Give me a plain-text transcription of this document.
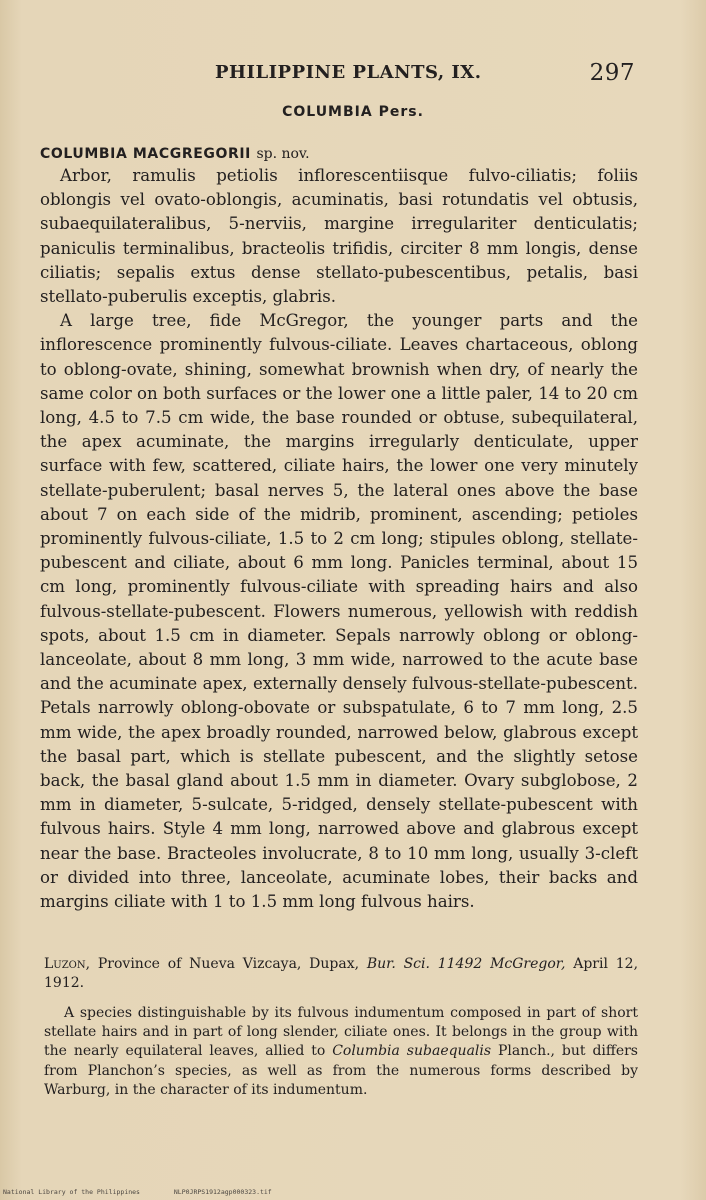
PHILIPPINE PLANTS, IX.	297
COLUMBIA Pers.
COLUMBIA MACGREGORII sp. nov.

Arbor, ramulis petiolis inflorescentiisque fulvo-ciliatis; foliis oblongis vel ovato-oblongis, acuminatis, basi rotundatis vel obtusis, subaequilateralibus, 5-nerviis, margine irregulariter denticulatis; paniculis terminalibus, bracteolis trifidis, circiter 8 mm longis, dense ciliatis; sepalis extus dense stellato-pubescentibus, petalis, basi stellato-puberulis exceptis, glabris.

A large tree, fide McGregor, the younger parts and the inflorescence prominently fulvous-ciliate. Leaves chartaceous, oblong to oblong-ovate, shining, somewhat brownish when dry, of nearly the same color on both surfaces or the lower one a little paler, 14 to 20 cm long, 4.5 to 7.5 cm wide, the base rounded or obtuse, subequilateral, the apex acuminate, the margins irregularly denticulate, upper surface with few, scattered, ciliate hairs, the lower one very minutely stellate-puberulent; basal nerves 5, the lateral ones above the base about 7 on each side of the midrib, prominent, ascending; petioles prominently fulvous-ciliate, 1.5 to 2 cm long; stipules oblong, stellate-pubescent and ciliate, about 6 mm long. Panicles terminal, about 15 cm long, prominently fulvous-ciliate with spreading hairs and also fulvous-stellate-pubescent. Flowers numerous, yellowish with reddish spots, about 1.5 cm in diameter. Sepals narrowly oblong or oblong-lanceolate, about 8 mm long, 3 mm wide, narrowed to the acute base and the acuminate apex, externally densely fulvous-stellate-pubescent. Petals narrowly oblong-obovate or subspatulate, 6 to 7 mm long, 2.5 mm wide, the apex broadly rounded, narrowed below, glabrous except the basal part, which is stellate pubescent, and the slightly setose back, the basal gland about 1.5 mm in diameter. Ovary subglobose, 2 mm in diameter, 5-sulcate, 5-ridged, densely stellate-pubescent with fulvous hairs. Style 4 mm long, narrowed above and glabrous except near the base. Bracteoles involucrate, 8 to 10 mm long, usually 3-cleft or divided into three, lanceolate, acuminate lobes, their backs and margins ciliate with 1 to 1.5 mm long fulvous hairs.

Luzon, Province of Nueva Vizcaya, Dupax, Bur. Sci. 11492 McGregor, April 12, 1912.

A species distinguishable by its fulvous indumentum composed in part of short stellate hairs and in part of long slender, ciliate ones. It belongs in the group with the nearly equilateral leaves, allied to Columbia subaequalis Planch., but differs from Planchon’s species, as well as from the numerous forms described by Warburg, in the character of its indumentum.

National Library of the Philippines	NLP0JRPS1912agp000323.tif
